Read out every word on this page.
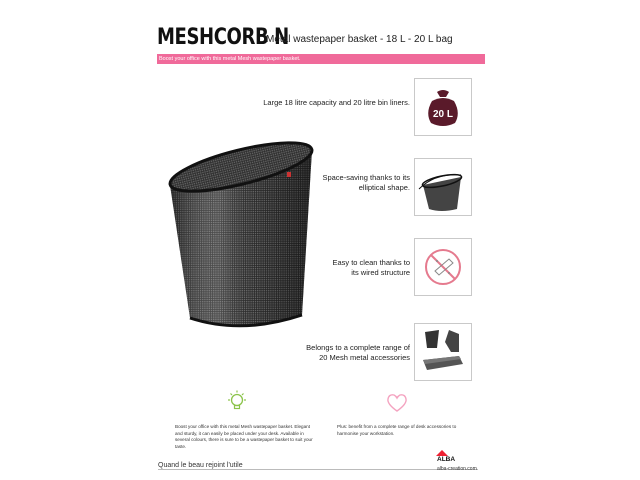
MESHCORB N
Metal wastepaper basket - 18 L - 20 L bag
Boost your office with this metal Mesh wastepaper basket.
Large 18 litre capacity and 20 litre bin liners.
20 L
Space-saving thanks to its
elliptical shape.
Easy to clean thanks to
its wired structure
Belongs to a complete range of
20 Mesh metal accessories
Boost your office with this metal Mesh wastepaper basket. Elegant and sturdy, it can easily be placed under your desk. Available in several colours, there is sure to be a wastepaper basket to suit your taste.
Plus: benefit from a complete range of desk accessories to harmonise your workstation.
Quand le beau rejoint l'utile
ALBA
alba-creation.com
